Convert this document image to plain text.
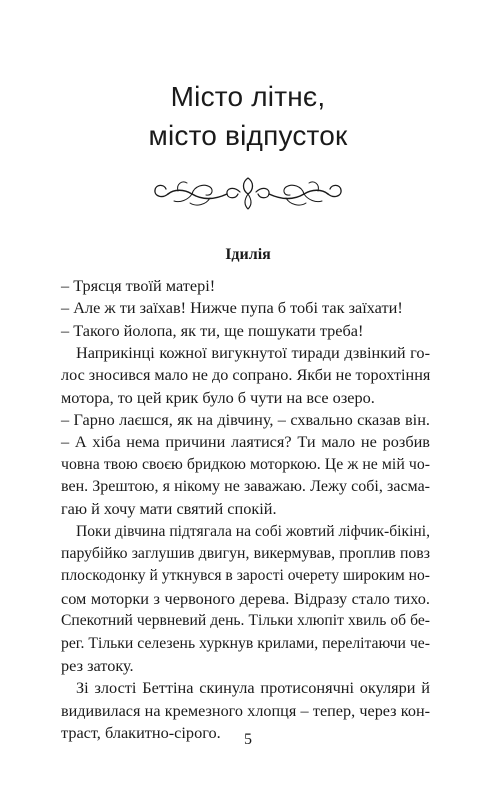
Місто літнє,
місто відпусток
Ідилія
– Трясця твоїй матері!
– Але ж ти заїхав! Нижче пупа б тобі так заїхати!
– Такого йолопа, як ти, ще пошукати треба!
Наприкінці кожної вигукнутої тиради дзвінкий го-
лос зносився мало не до сопрано. Якби не торохтіння
мотора, то цей крик було б чути на все озеро.
– Гарно лаєшся, як на дівчину, – схвально сказав він.
– А хіба нема причини лаятися? Ти мало не розбив
човна твою своєю бридкою моторкою. Це ж не мій чо-
вен. Зрештою, я нікому не заважаю. Лежу собі, засма-
гаю й хочу мати святий спокій.
Поки дівчина підтягала на собі жовтий ліфчик-бікіні,
парубійко заглушив двигун, викермував, проплив повз
плоскодонку й уткнувся в зарості очерету широким но-
сом моторки з червоного дерева. Відразу стало тихо.
Спекотний червневий день. Тільки хлюпіт хвиль об бе-
рег. Тільки селезень хуркнув крилами, перелітаючи че-
рез затоку.
Зі злості Беттіна скинула протисонячні окуляри й
видивилася на кремезного хлопця – тепер, через кон-
траст, блакитно-сірого.	5
